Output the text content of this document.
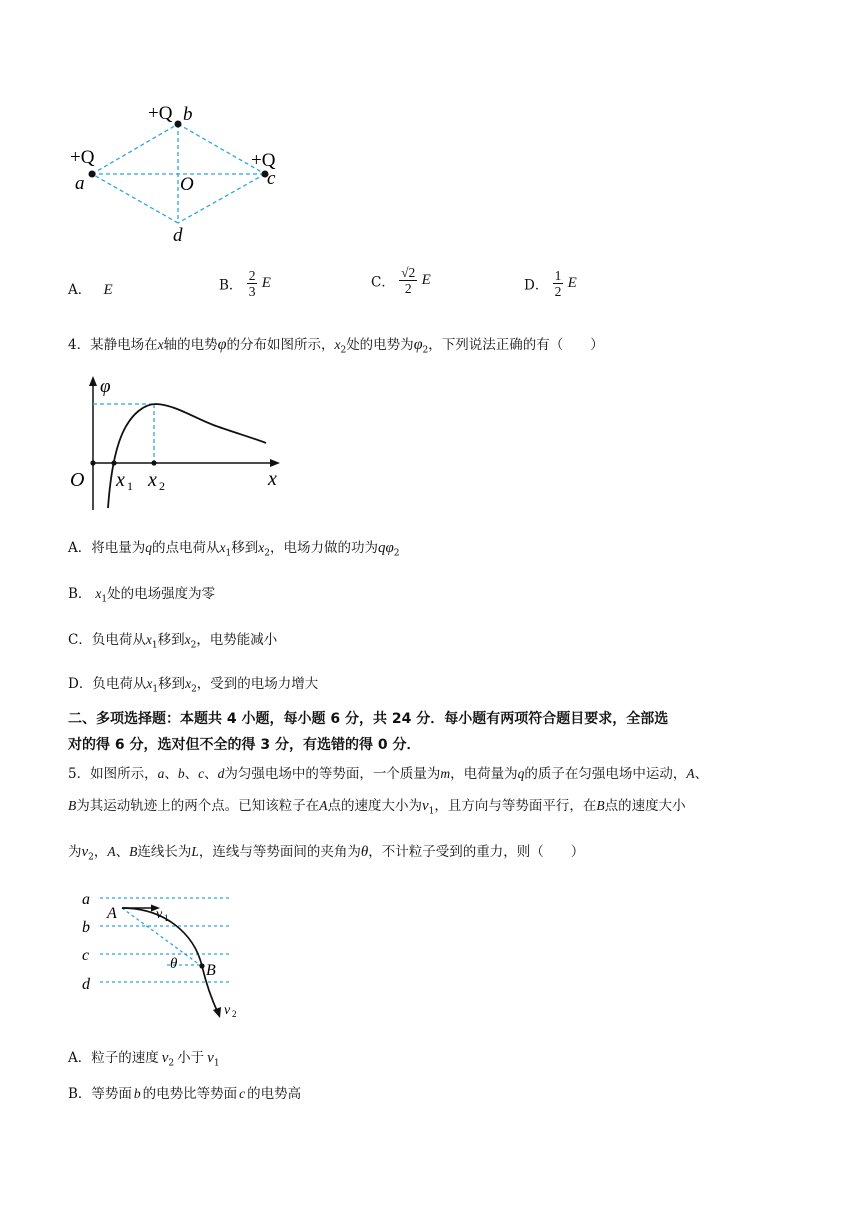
+Q b
+Q
a
+Q
c
O
d
A． E	B． $\frac{2}{3}$ E	C． $\frac{√2}{2}$ E	D． $\frac{1}{2}$ E
4．某静电场在x轴的电势φ的分布如图所示，$x_2$处的电势为$\varphi_2$，下列说法正确的有（　　）
φ
x
O x 1 x 2
A．将电量为q的点电荷从$x_1$移到$x_2$，电场力做的功为$q\varphi_2$
B． $x_1$处的电场强度为零
C．负电荷从$x_1$移到$x_2$，电势能减小
D．负电荷从$x_1$移到$x_2$，受到的电场力增大
二、多项选择题：本题共 4 小题，每小题 6 分，共 24 分．每小题有两项符合题目要求，全部选
对的得 6 分，选对但不全的得 3 分，有选错的得 0 分．
5．如图所示，a、b、c、d为匀强电场中的等势面，一个质量为m，电荷量为q的质子在匀强电场中运动，A、
B为其运动轨迹上的两个点。已知该粒子在A点的速度大小为$v_1$，且方向与等势面平行，在B点的速度大小
为$v_2$，A、B连线长为L，连线与等势面间的夹角为θ，不计粒子受到的重力，则（　　）
a
b
c
d
A
B
θ
v 1
v 2
A．粒子的速度 $v_2$ 小于 $v_1$
B．等势面 b 的电势比等势面 c 的电势高
